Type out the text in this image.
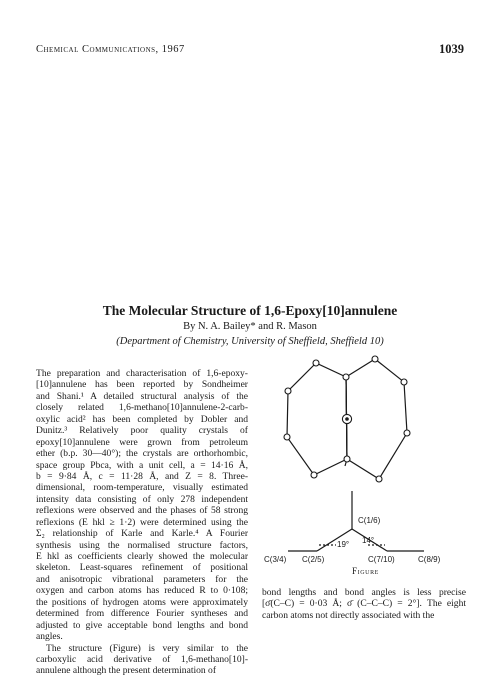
Chemical Communications, 1967	1039
The Molecular Structure of 1,6-Epoxy[10]annulene
By N. A. Bailey* and R. Mason
(Department of Chemistry, University of Sheffield, Sheffield 10)
The preparation and characterisation of 1,6-epoxy-
[10]annulene has been reported by Sondheimer
and Shani.¹ A detailed structural analysis of the
closely related 1,6-methano[10]annulene-2-carb-
oxylic acid² has been completed by Dobler and
Dunitz.³ Relatively poor quality crystals of
epoxy[10]annulene were grown from petroleum
ether (b.p. 30—40°); the crystals are orthorhombic,
space group Pbca, with a unit cell, a = 14·16 Å,
b = 9·84 Å, c = 11·28 Å, and Z = 8. Three-
dimensional, room-temperature, visually estimated
intensity data consisting of only 278 independent
reflexions were observed and the phases of 58 strong
reflexions (E hkl ≥ 1·2) were determined using the
Σ₂ relationship of Karle and Karle.⁴ A Fourier
synthesis using the normalised structure factors,
E hkl as coefficients clearly showed the molecular
skeleton. Least-squares refinement of positional
and anisotropic vibrational parameters for the
oxygen and carbon atoms has reduced R to 0·108;
the positions of hydrogen atoms were approximately
determined from difference Fourier syntheses and
adjusted to give acceptable bond lengths and bond
angles.
The structure (Figure) is very similar to the
carboxylic acid derivative of 1,6-methano[10]-
annulene although the present determination of
C(1/6)
C(3/4) C(2/5)
19° 14°
C(7/10)	C(8/9)
Figure
bond lengths and bond angles is less precise
[σ̄(C–C) = 0·03 Å; σ̄ (C–C–C) = 2°]. The eight
carbon atoms not directly associated with the
